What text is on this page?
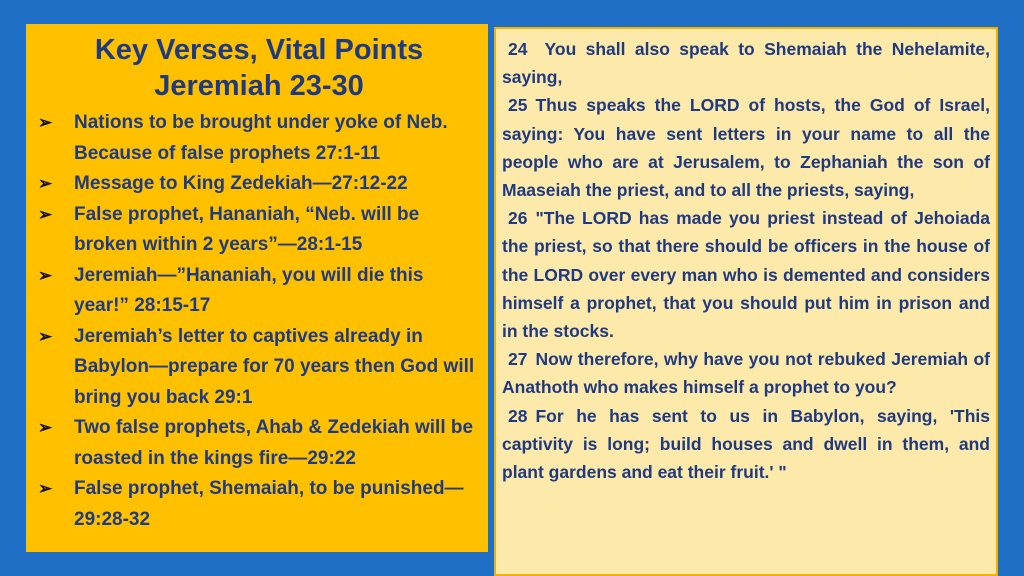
Key Verses, Vital Points
Jeremiah 23-30
➢ Nations to be brought under yoke of Neb. Because of false prophets 27:1-11
➢ Message to King Zedekiah—27:12-22
➢ False prophet, Hananiah, “Neb. will be broken within 2 years”—28:1-15
➢ Jeremiah—”Hananiah, you will die this year!” 28:15-17
➢ Jeremiah’s letter to captives already in Babylon—prepare for 70 years then God will bring you back 29:1
➢ Two false prophets, Ahab & Zedekiah will be roasted in the kings fire—29:22
➢ False prophet, Shemaiah, to be punished—29:28-32

24 You shall also speak to Shemaiah the Nehelamite, saying,

25 Thus speaks the LORD of hosts, the God of Israel, saying: You have sent letters in your name to all the people who are at Jerusalem, to Zephaniah the son of Maaseiah the priest, and to all the priests, saying,

26 "The LORD has made you priest instead of Jehoiada the priest, so that there should be officers in the house of the LORD over every man who is demented and considers himself a prophet, that you should put him in prison and in the stocks.

27 Now therefore, why have you not rebuked Jeremiah of Anathoth who makes himself a prophet to you?

28 For he has sent to us in Babylon, saying, 'This captivity is long; build houses and dwell in them, and plant gardens and eat their fruit.' "
